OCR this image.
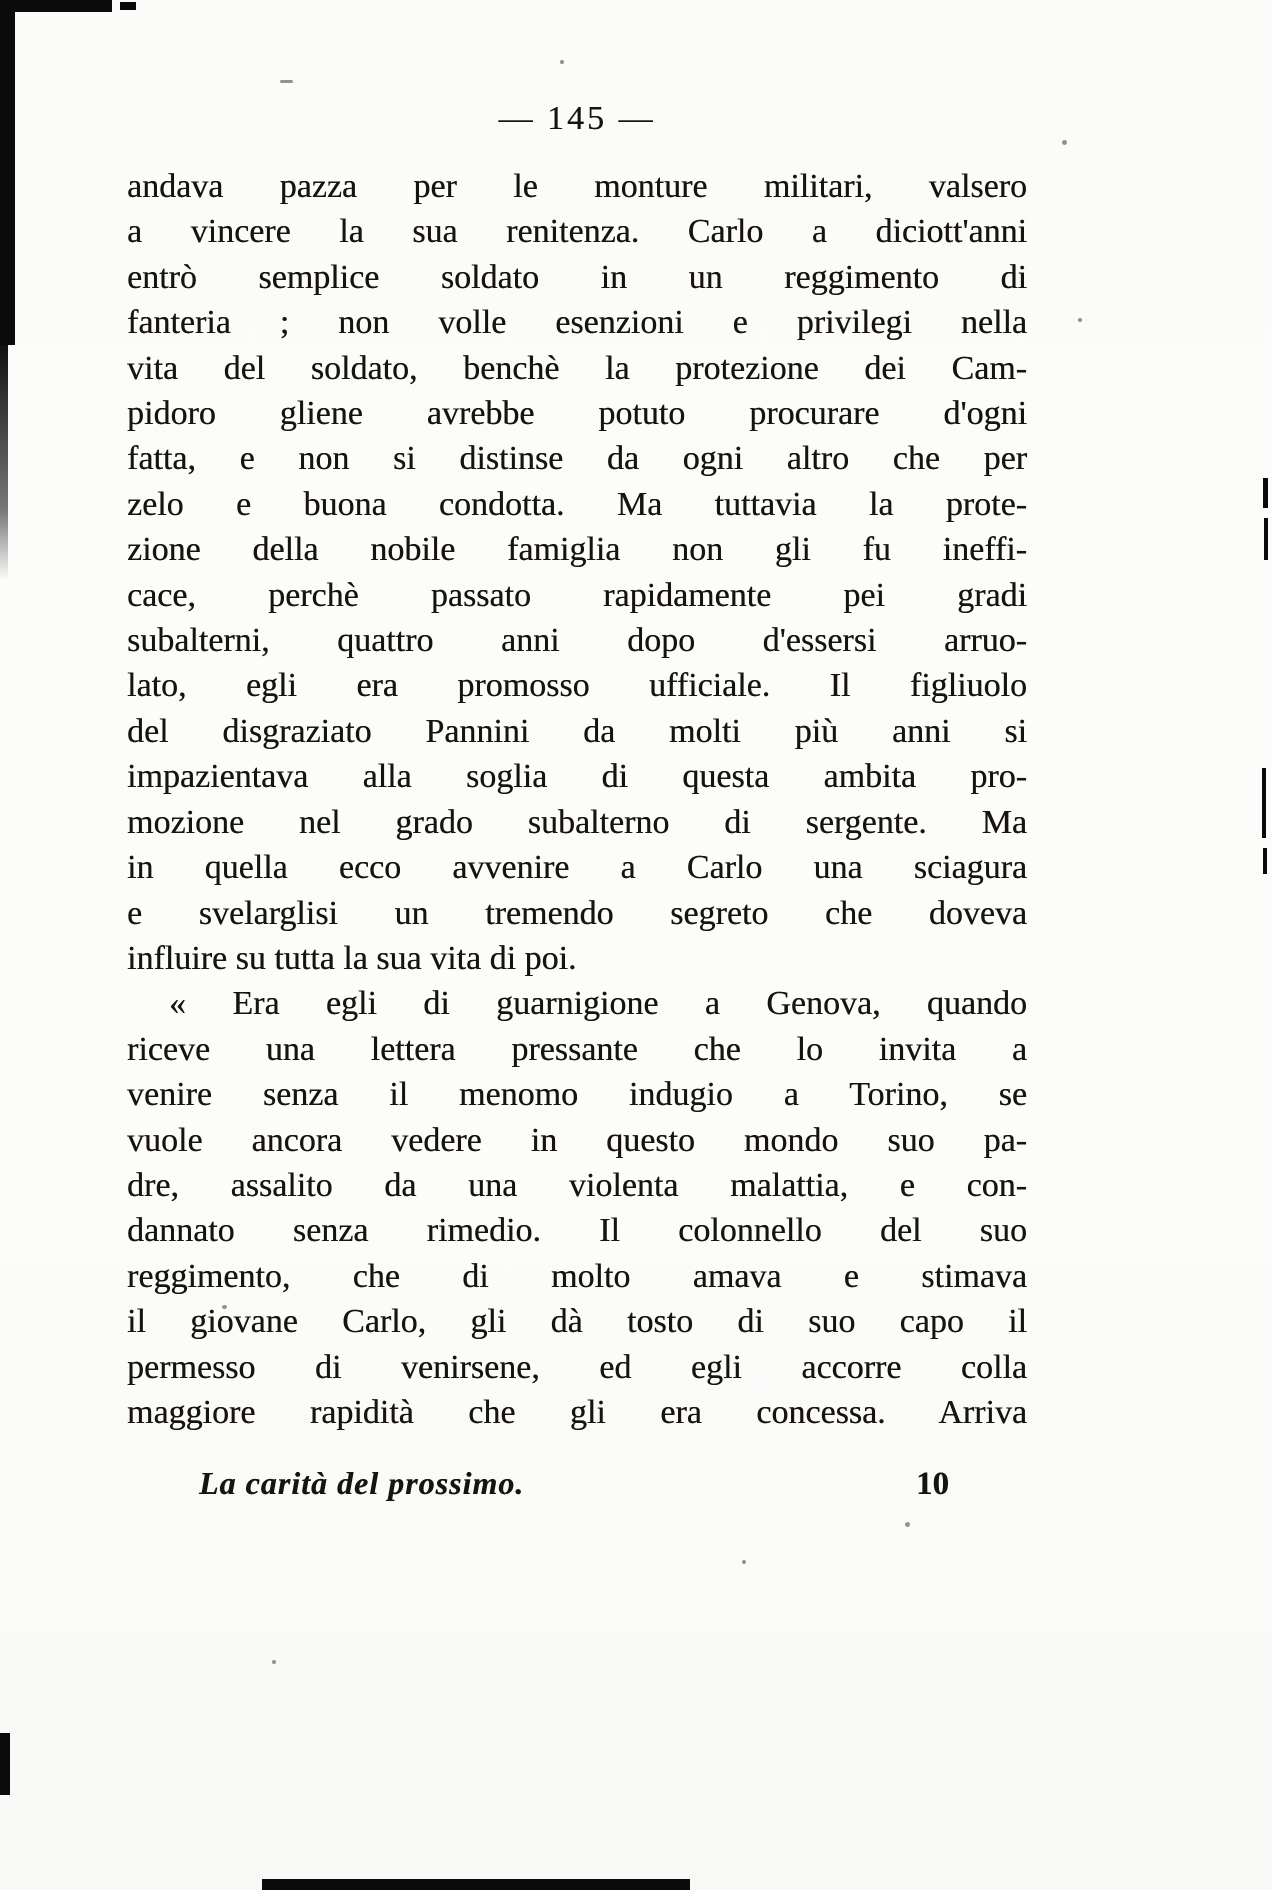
— 145 —
andava pazza per le monture militari, valsero
a vincere la sua renitenza. Carlo a diciott'anni
entrò semplice soldato in un reggimento di
fanteria ; non volle esenzioni e privilegi nella
vita del soldato, benchè la protezione dei Cam-
pidoro gliene avrebbe potuto procurare d'ogni
fatta, e non si distinse da ogni altro che per
zelo e buona condotta. Ma tuttavia la prote-
zione della nobile famiglia non gli fu ineffi-
cace, perchè passato rapidamente pei gradi
subalterni, quattro anni dopo d'essersi arruo-
lato, egli era promosso ufficiale. Il figliuolo
del disgraziato Pannini da molti più anni si
impazientava alla soglia di questa ambita pro-
mozione nel grado subalterno di sergente. Ma
in quella ecco avvenire a Carlo una sciagura
e svelarglisi un tremendo segreto che doveva
influire su tutta la sua vita di poi.
« Era egli di guarnigione a Genova, quando
riceve una lettera pressante che lo invita a
venire senza il menomo indugio a Torino, se
vuole ancora vedere in questo mondo suo pa-
dre, assalito da una violenta malattia, e con-
dannato senza rimedio. Il colonnello del suo
reggimento, che di molto amava e stimava
il giovane Carlo, gli dà tosto di suo capo il
permesso di venirsene, ed egli accorre colla
maggiore rapidità che gli era concessa. Arriva
La carità del prossimo.	10
